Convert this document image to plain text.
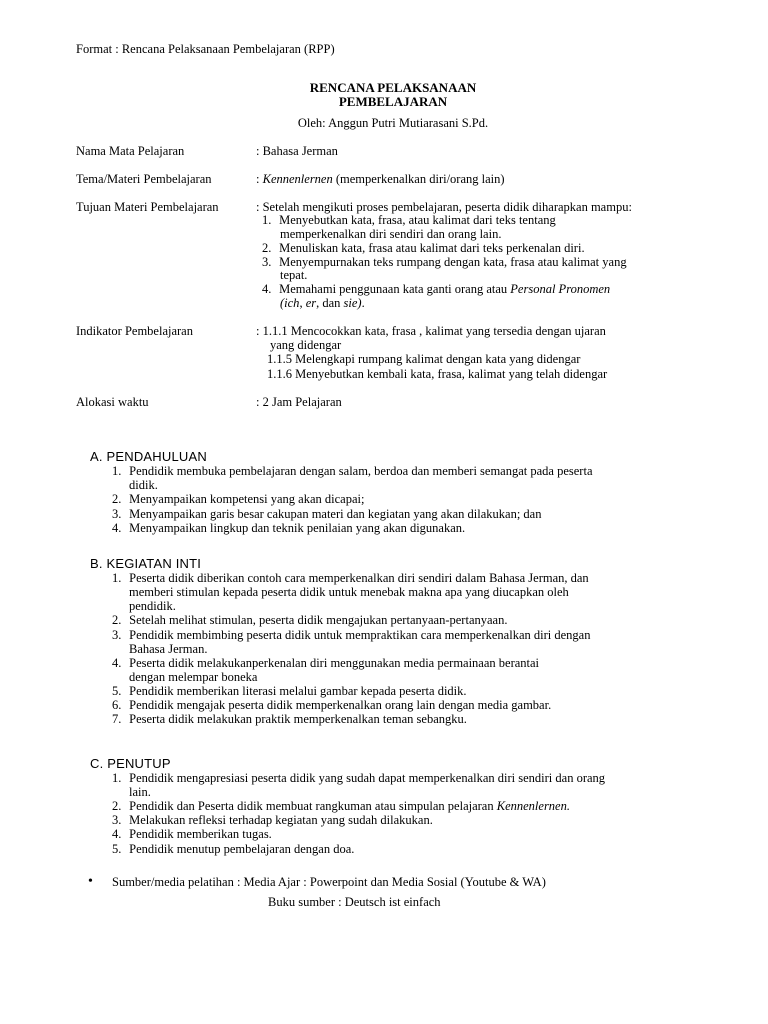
Format : Rencana Pelaksanaan Pembelajaran (RPP)
RENCANA PELAKSANAAN
PEMBELAJARAN
Oleh: Anggun Putri Mutiarasani S.Pd.
Nama Mata Pelajaran	: Bahasa Jerman
Tema/Materi Pembelajaran	: Kennenlernen (memperkenalkan diri/orang lain)
Tujuan Materi Pembelajaran	: Setelah mengikuti proses pembelajaran, peserta didik diharapkan mampu:
1. Menyebutkan kata, frasa, atau kalimat dari teks tentang
memperkenalkan diri sendiri dan orang lain.
2. Menuliskan kata, frasa atau kalimat dari teks perkenalan diri.
3. Menyempurnakan teks rumpang dengan kata, frasa atau kalimat yang
tepat.
4. Memahami penggunaan kata ganti orang atau Personal Pronomen
(ich, er, dan sie).
Indikator Pembelajaran	: 1.1.1 Mencocokkan kata, frasa , kalimat yang tersedia dengan ujaran
yang didengar
1.1.5 Melengkapi rumpang kalimat dengan kata yang didengar
1.1.6 Menyebutkan kembali kata, frasa, kalimat yang telah didengar
Alokasi waktu	: 2 Jam Pelajaran
A. PENDAHULUAN
1. Pendidik membuka pembelajaran dengan salam, berdoa dan memberi semangat pada peserta
didik.
2. Menyampaikan kompetensi yang akan dicapai;
3. Menyampaikan garis besar cakupan materi dan kegiatan yang akan dilakukan; dan
4. Menyampaikan lingkup dan teknik penilaian yang akan digunakan.
B. KEGIATAN INTI
1. Peserta didik diberikan contoh cara memperkenalkan diri sendiri dalam Bahasa Jerman, dan
memberi stimulan kepada peserta didik untuk menebak makna apa yang diucapkan oleh
pendidik.
2. Setelah melihat stimulan, peserta didik mengajukan pertanyaan-pertanyaan.
3. Pendidik membimbing peserta didik untuk mempraktikan cara memperkenalkan diri dengan
Bahasa Jerman.
4. Peserta didik melakukanperkenalan diri menggunakan media permainaan berantai
dengan melempar boneka
5. Pendidik memberikan literasi melalui gambar kepada peserta didik.
6. Pendidik mengajak peserta didik memperkenalkan orang lain dengan media gambar.
7. Peserta didik melakukan praktik memperkenalkan teman sebangku.
C. PENUTUP
1. Pendidik mengapresiasi peserta didik yang sudah dapat memperkenalkan diri sendiri dan orang
lain.
2. Pendidik dan Peserta didik membuat rangkuman atau simpulan pelajaran Kennenlernen.
3. Melakukan refleksi terhadap kegiatan yang sudah dilakukan.
4. Pendidik memberikan tugas.
5. Pendidik menutup pembelajaran dengan doa.
• Sumber/media pelatihan : Media Ajar : Powerpoint dan Media Sosial (Youtube & WA)
Buku sumber : Deutsch ist einfach
